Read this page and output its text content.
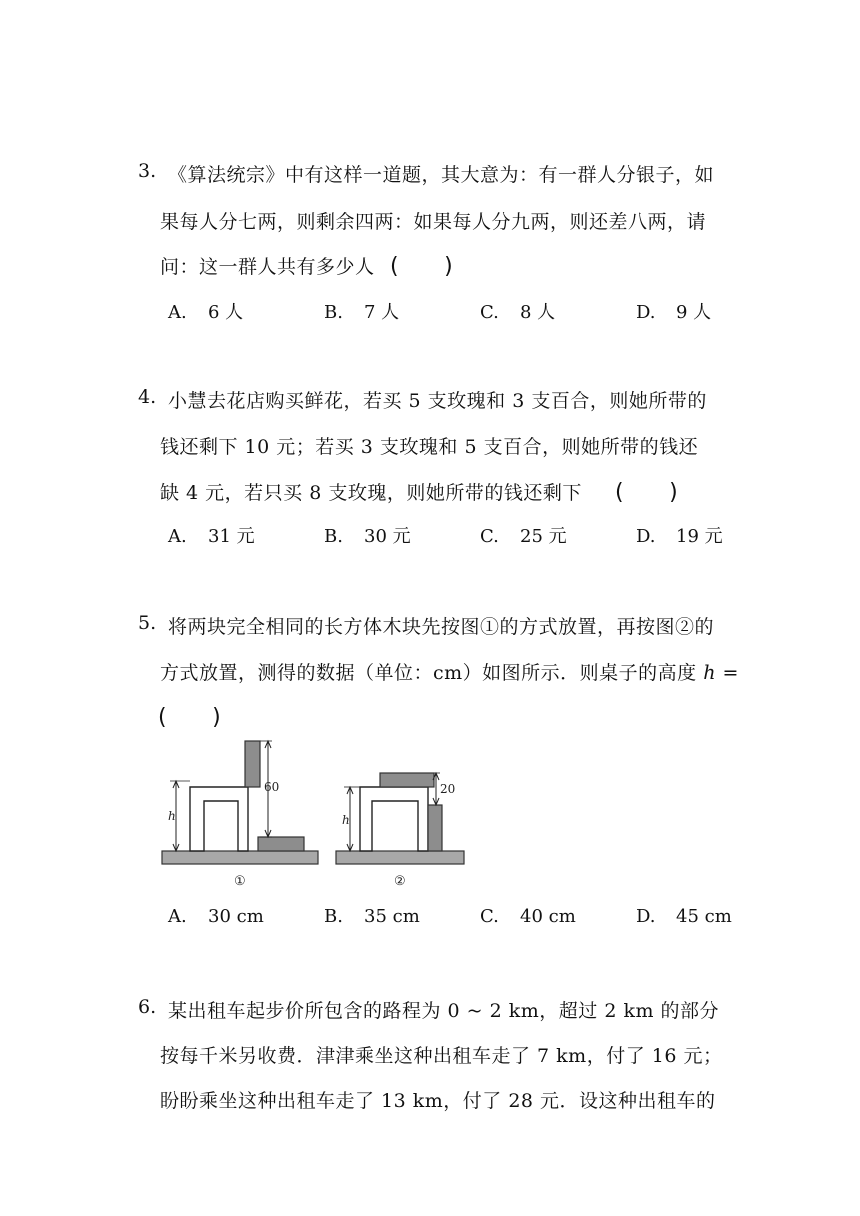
3. 《算法统宗》中有这样一道题，其大意为：有一群人分银子，如
果每人分七两，则剩余四两：如果每人分九两，则还差八两，请
问：这一群人共有多少人 (　　)
A. 6 人	B. 7 人	C. 8 人	D. 9 人
4. 小慧去花店购买鲜花，若买 5 支玫瑰和 3 支百合，则她所带的
钱还剩下 10 元；若买 3 支玫瑰和 5 支百合，则她所带的钱还
缺 4 元，若只买 8 支玫瑰，则她所带的钱还剩下 (　　)
A. 31 元	B. 30 元	C. 25 元	D. 19 元
5. 将两块完全相同的长方体木块先按图①的方式放置，再按图②的
方式放置，测得的数据（单位：cm）如图所示．则桌子的高度 ℎ =
(　　)
h
60
①
h
20
②
A. 30 cm	B. 35 cm	C. 40 cm	D. 45 cm
6. 某出租车起步价所包含的路程为 0 ~ 2 km，超过 2 km 的部分
按每千米另收费．津津乘坐这种出租车走了 7 km，付了 16 元；
盼盼乘坐这种出租车走了 13 km，付了 28 元．设这种出租车的
